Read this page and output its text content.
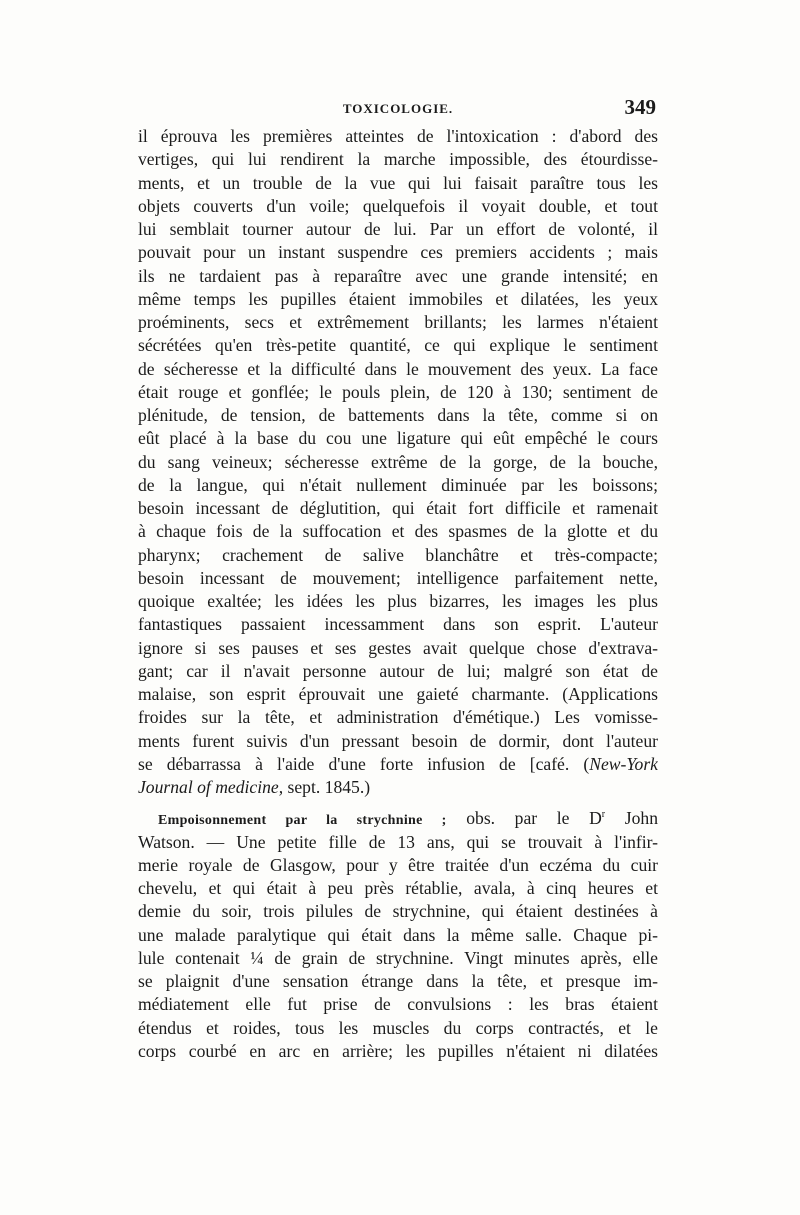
TOXICOLOGIE.	349
il éprouva les premières atteintes de l'intoxication : d'abord des
vertiges, qui lui rendirent la marche impossible, des étourdisse-
ments, et un trouble de la vue qui lui faisait paraître tous les
objets couverts d'un voile; quelquefois il voyait double, et tout
lui semblait tourner autour de lui. Par un effort de volonté, il
pouvait pour un instant suspendre ces premiers accidents ; mais
ils ne tardaient pas à reparaître avec une grande intensité; en
même temps les pupilles étaient immobiles et dilatées, les yeux
proéminents, secs et extrêmement brillants; les larmes n'étaient
sécrétées qu'en très-petite quantité, ce qui explique le sentiment
de sécheresse et la difficulté dans le mouvement des yeux. La face
était rouge et gonflée; le pouls plein, de 120 à 130; sentiment de
plénitude, de tension, de battements dans la tête, comme si on
eût placé à la base du cou une ligature qui eût empêché le cours
du sang veineux; sécheresse extrême de la gorge, de la bouche,
de la langue, qui n'était nullement diminuée par les boissons;
besoin incessant de déglutition, qui était fort difficile et ramenait
à chaque fois de la suffocation et des spasmes de la glotte et du
pharynx; crachement de salive blanchâtre et très-compacte;
besoin incessant de mouvement; intelligence parfaitement nette,
quoique exaltée; les idées les plus bizarres, les images les plus
fantastiques passaient incessamment dans son esprit. L'auteur
ignore si ses pauses et ses gestes avait quelque chose d'extrava-
gant; car il n'avait personne autour de lui; malgré son état de
malaise, son esprit éprouvait une gaieté charmante. (Applications
froides sur la tête, et administration d'émétique.) Les vomisse-
ments furent suivis d'un pressant besoin de dormir, dont l'auteur
se débarrassa à l'aide d'une forte infusion de [café. (New-York
Journal of medicine, sept. 1845.)
Empoisonnement par la strychnine ; obs. par le $D^r$ John
Watson. — Une petite fille de 13 ans, qui se trouvait à l'infir-
merie royale de Glasgow, pour y être traitée d'un eczéma du cuir
chevelu, et qui était à peu près rétablie, avala, à cinq heures et
demie du soir, trois pilules de strychnine, qui étaient destinées à
une malade paralytique qui était dans la même salle. Chaque pi-
lule contenait ¼ de grain de strychnine. Vingt minutes après, elle
se plaignit d'une sensation étrange dans la tête, et presque im-
médiatement elle fut prise de convulsions : les bras étaient
étendus et roides, tous les muscles du corps contractés, et le
corps courbé en arc en arrière; les pupilles n'étaient ni dilatées
